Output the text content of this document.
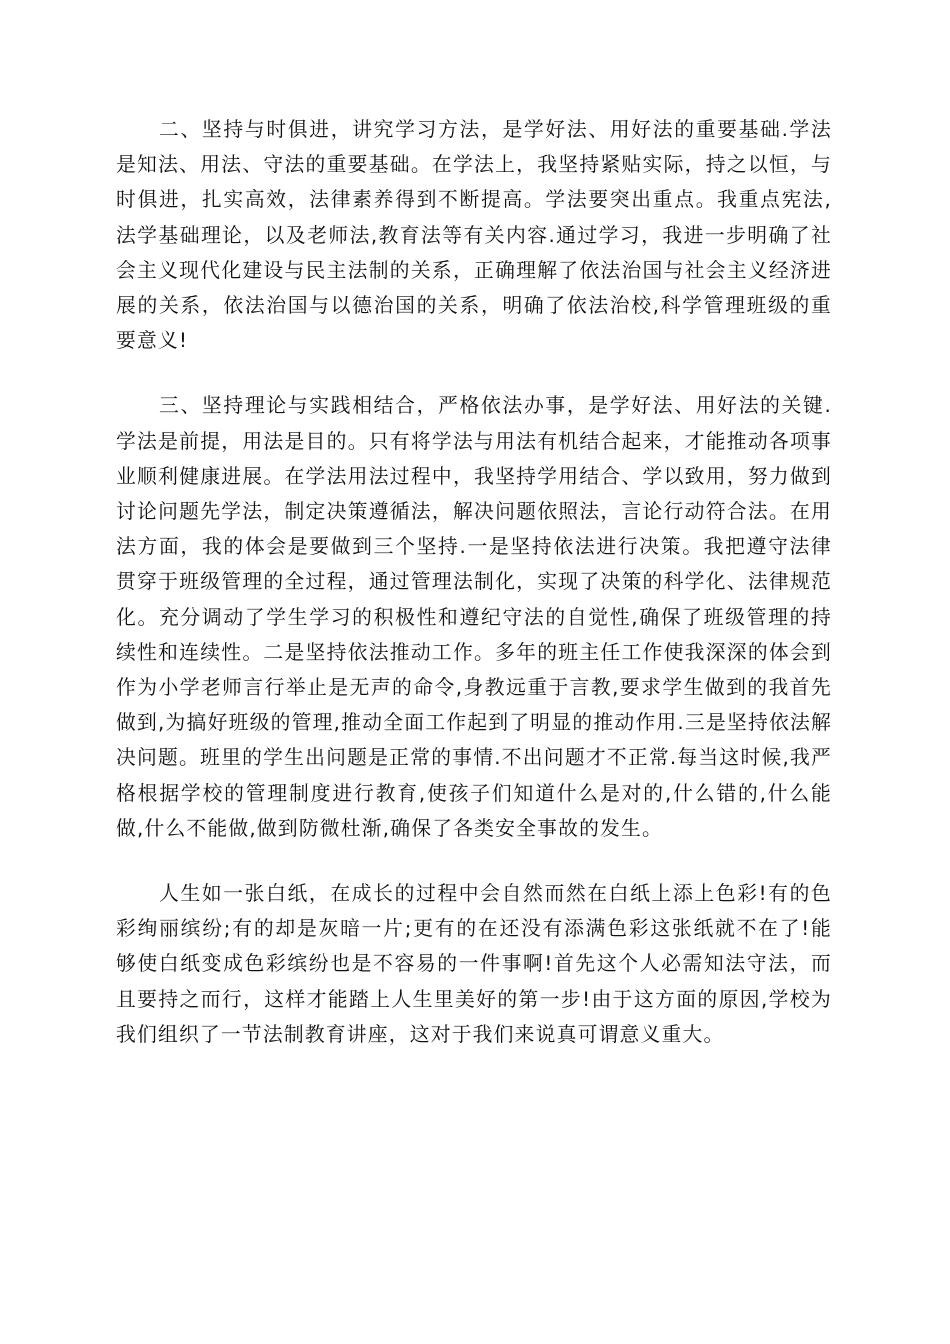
二、坚持与时俱进，讲究学习方法，是学好法、用好法的重要基础.学法是知法、用法、守法的重要基础。在学法上，我坚持紧贴实际，持之以恒，与时俱进，扎实高效，法律素养得到不断提高。学法要突出重点。我重点宪法,法学基础理论，以及老师法,教育法等有关内容.通过学习，我进一步明确了社会主义现代化建设与民主法制的关系，正确理解了依法治国与社会主义经济进展的关系，依法治国与以德治国的关系，明确了依法治校,科学管理班级的重要意义!

三、坚持理论与实践相结合，严格依法办事，是学好法、用好法的关键.学法是前提，用法是目的。只有将学法与用法有机结合起来，才能推动各项事业顺利健康进展。在学法用法过程中，我坚持学用结合、学以致用，努力做到讨论问题先学法，制定决策遵循法，解决问题依照法，言论行动符合法。在用法方面，我的体会是要做到三个坚持.一是坚持依法进行决策。我把遵守法律贯穿于班级管理的全过程，通过管理法制化，实现了决策的科学化、法律规范化。充分调动了学生学习的积极性和遵纪守法的自觉性,确保了班级管理的持续性和连续性。二是坚持依法推动工作。多年的班主任工作使我深深的体会到作为小学老师言行举止是无声的命令,身教远重于言教,要求学生做到的我首先做到,为搞好班级的管理,推动全面工作起到了明显的推动作用.三是坚持依法解决问题。班里的学生出问题是正常的事情.不出问题才不正常.每当这时候,我严格根据学校的管理制度进行教育,使孩子们知道什么是对的,什么错的,什么能做,什么不能做,做到防微杜渐,确保了各类安全事故的发生。

人生如一张白纸，在成长的过程中会自然而然在白纸上添上色彩!有的色彩绚丽缤纷;有的却是灰暗一片;更有的在还没有添满色彩这张纸就不在了!能够使白纸变成色彩缤纷也是不容易的一件事啊!首先这个人必需知法守法，而且要持之而行，这样才能踏上人生里美好的第一步!由于这方面的原因,学校为我们组织了一节法制教育讲座，这对于我们来说真可谓意义重大。
